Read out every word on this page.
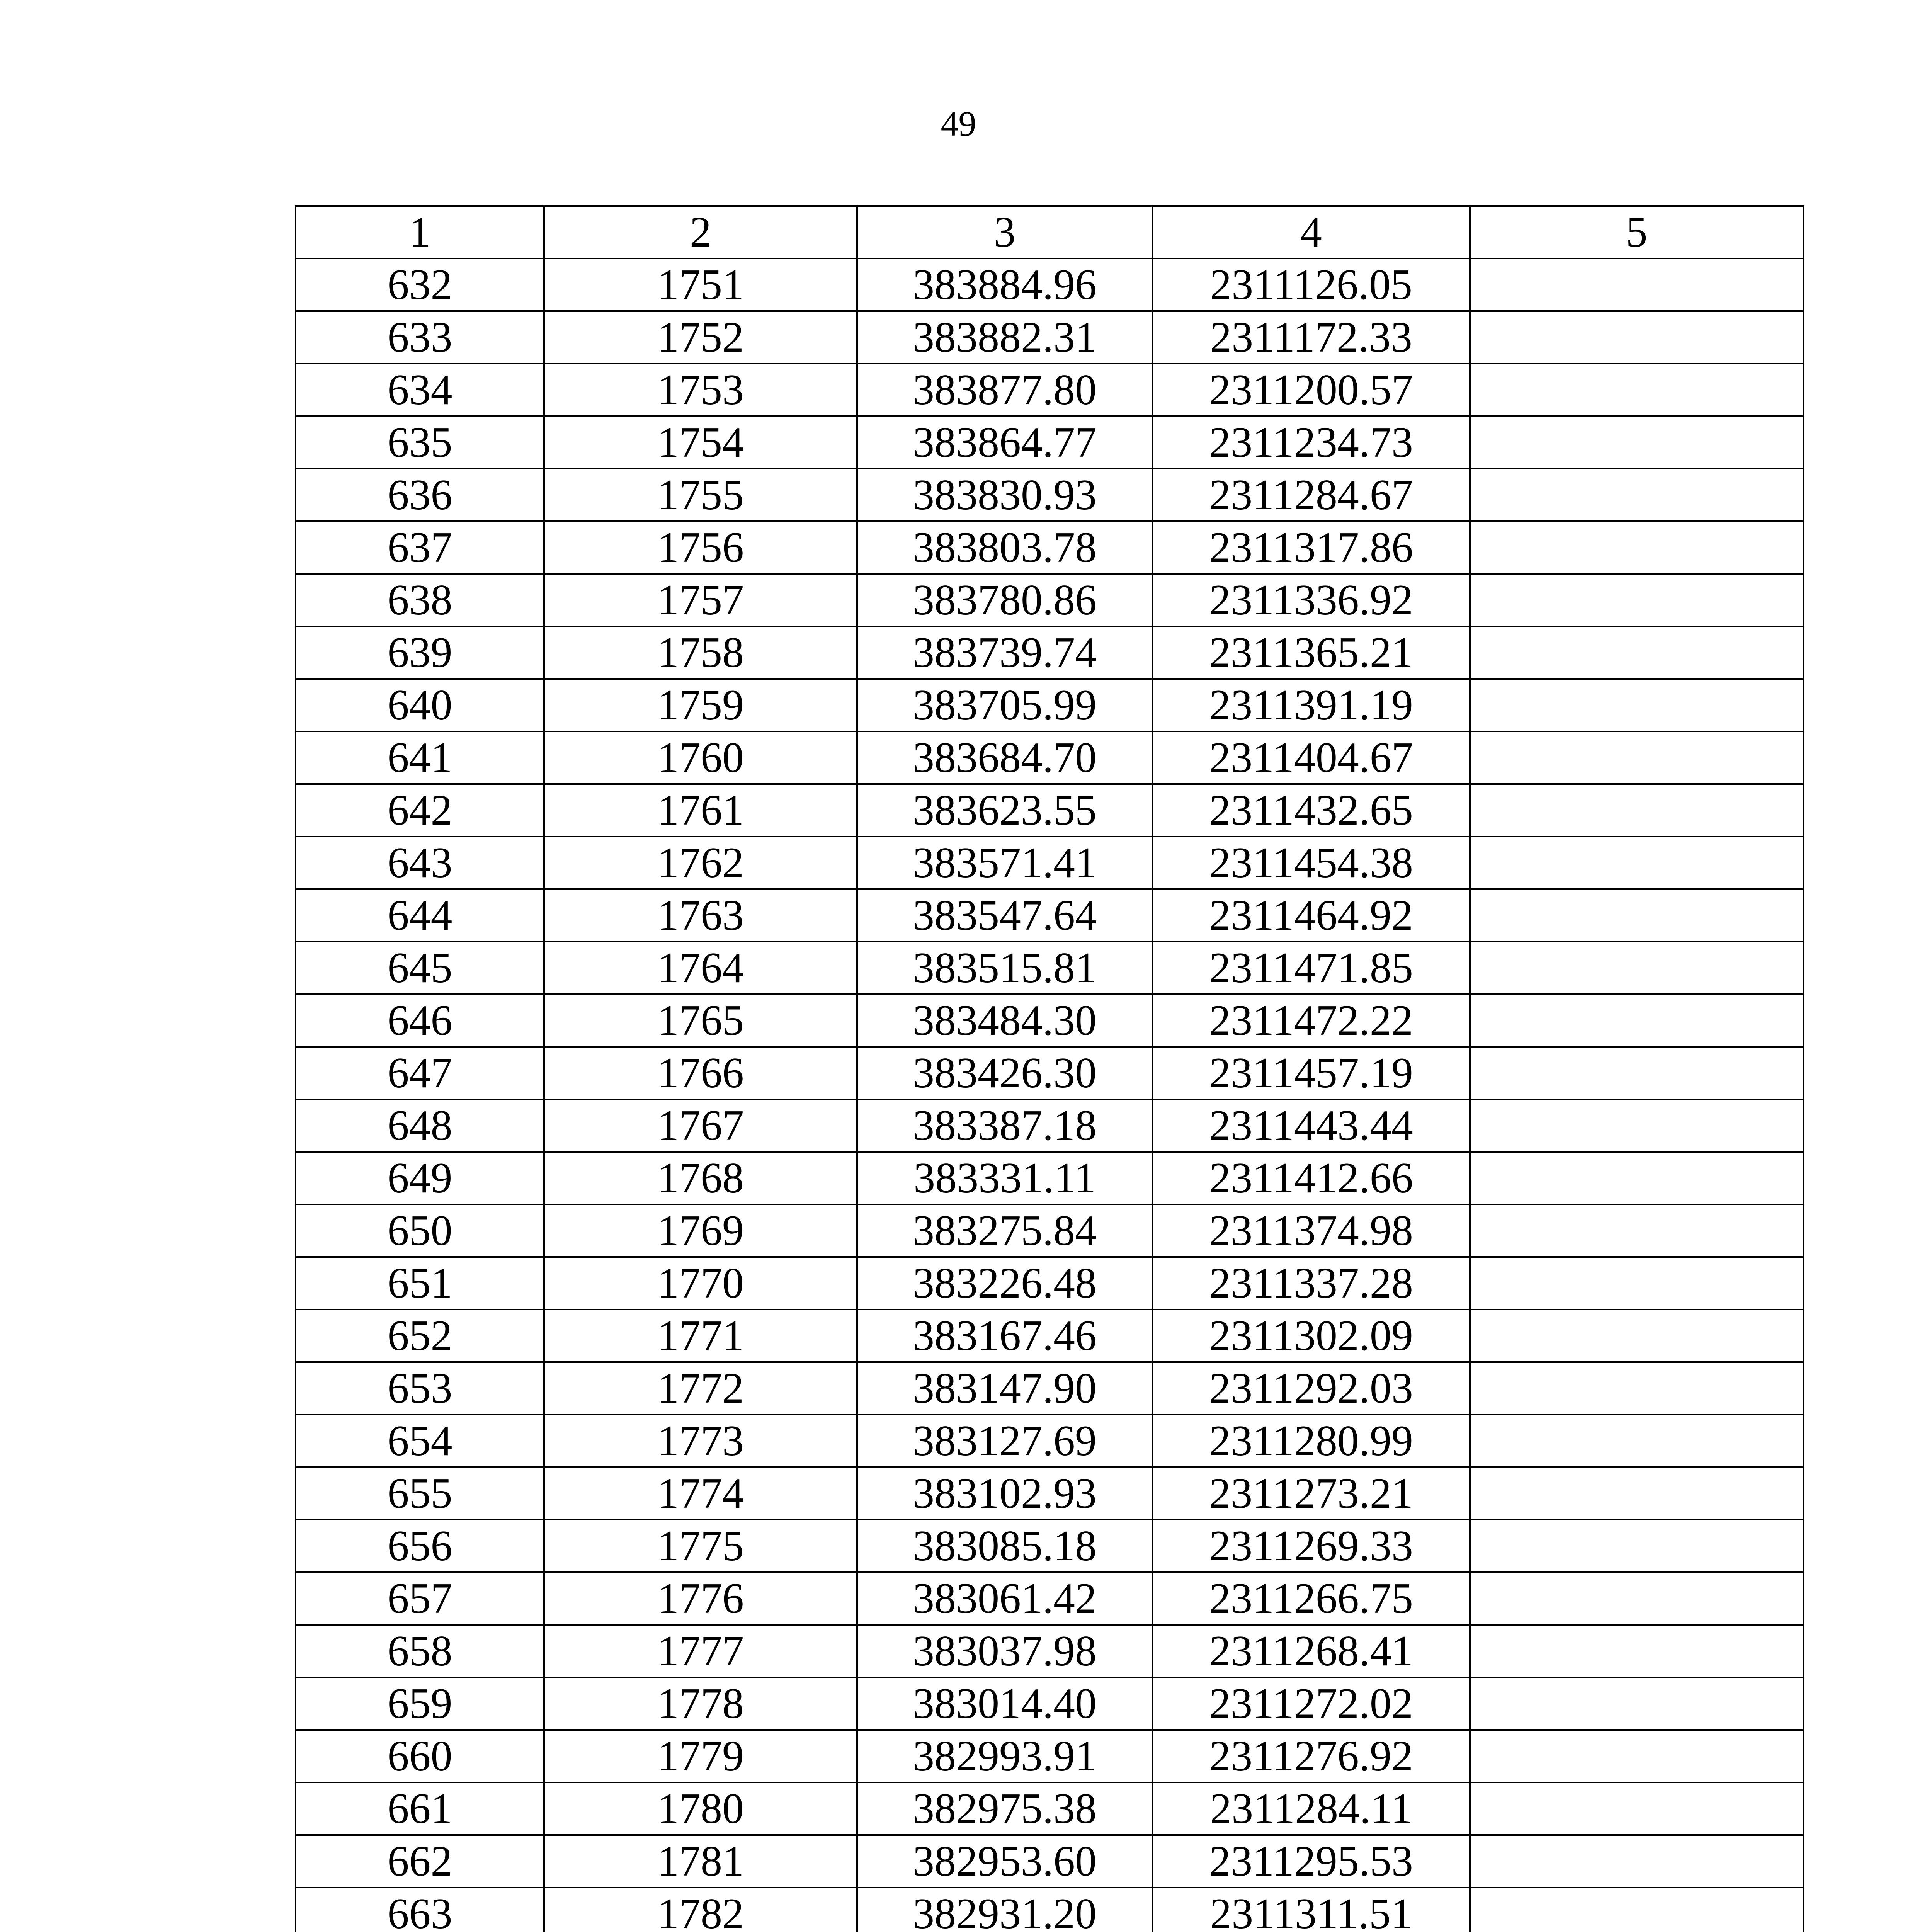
49
1	2	3	4	5
632	1751	383884.96	2311126.05	
633	1752	383882.31	2311172.33	
634	1753	383877.80	2311200.57	
635	1754	383864.77	2311234.73	
636	1755	383830.93	2311284.67	
637	1756	383803.78	2311317.86	
638	1757	383780.86	2311336.92	
639	1758	383739.74	2311365.21	
640	1759	383705.99	2311391.19	
641	1760	383684.70	2311404.67	
642	1761	383623.55	2311432.65	
643	1762	383571.41	2311454.38	
644	1763	383547.64	2311464.92	
645	1764	383515.81	2311471.85	
646	1765	383484.30	2311472.22	
647	1766	383426.30	2311457.19	
648	1767	383387.18	2311443.44	
649	1768	383331.11	2311412.66	
650	1769	383275.84	2311374.98	
651	1770	383226.48	2311337.28	
652	1771	383167.46	2311302.09	
653	1772	383147.90	2311292.03	
654	1773	383127.69	2311280.99	
655	1774	383102.93	2311273.21	
656	1775	383085.18	2311269.33	
657	1776	383061.42	2311266.75	
658	1777	383037.98	2311268.41	
659	1778	383014.40	2311272.02	
660	1779	382993.91	2311276.92	
661	1780	382975.38	2311284.11	
662	1781	382953.60	2311295.53	
663	1782	382931.20	2311311.51	
